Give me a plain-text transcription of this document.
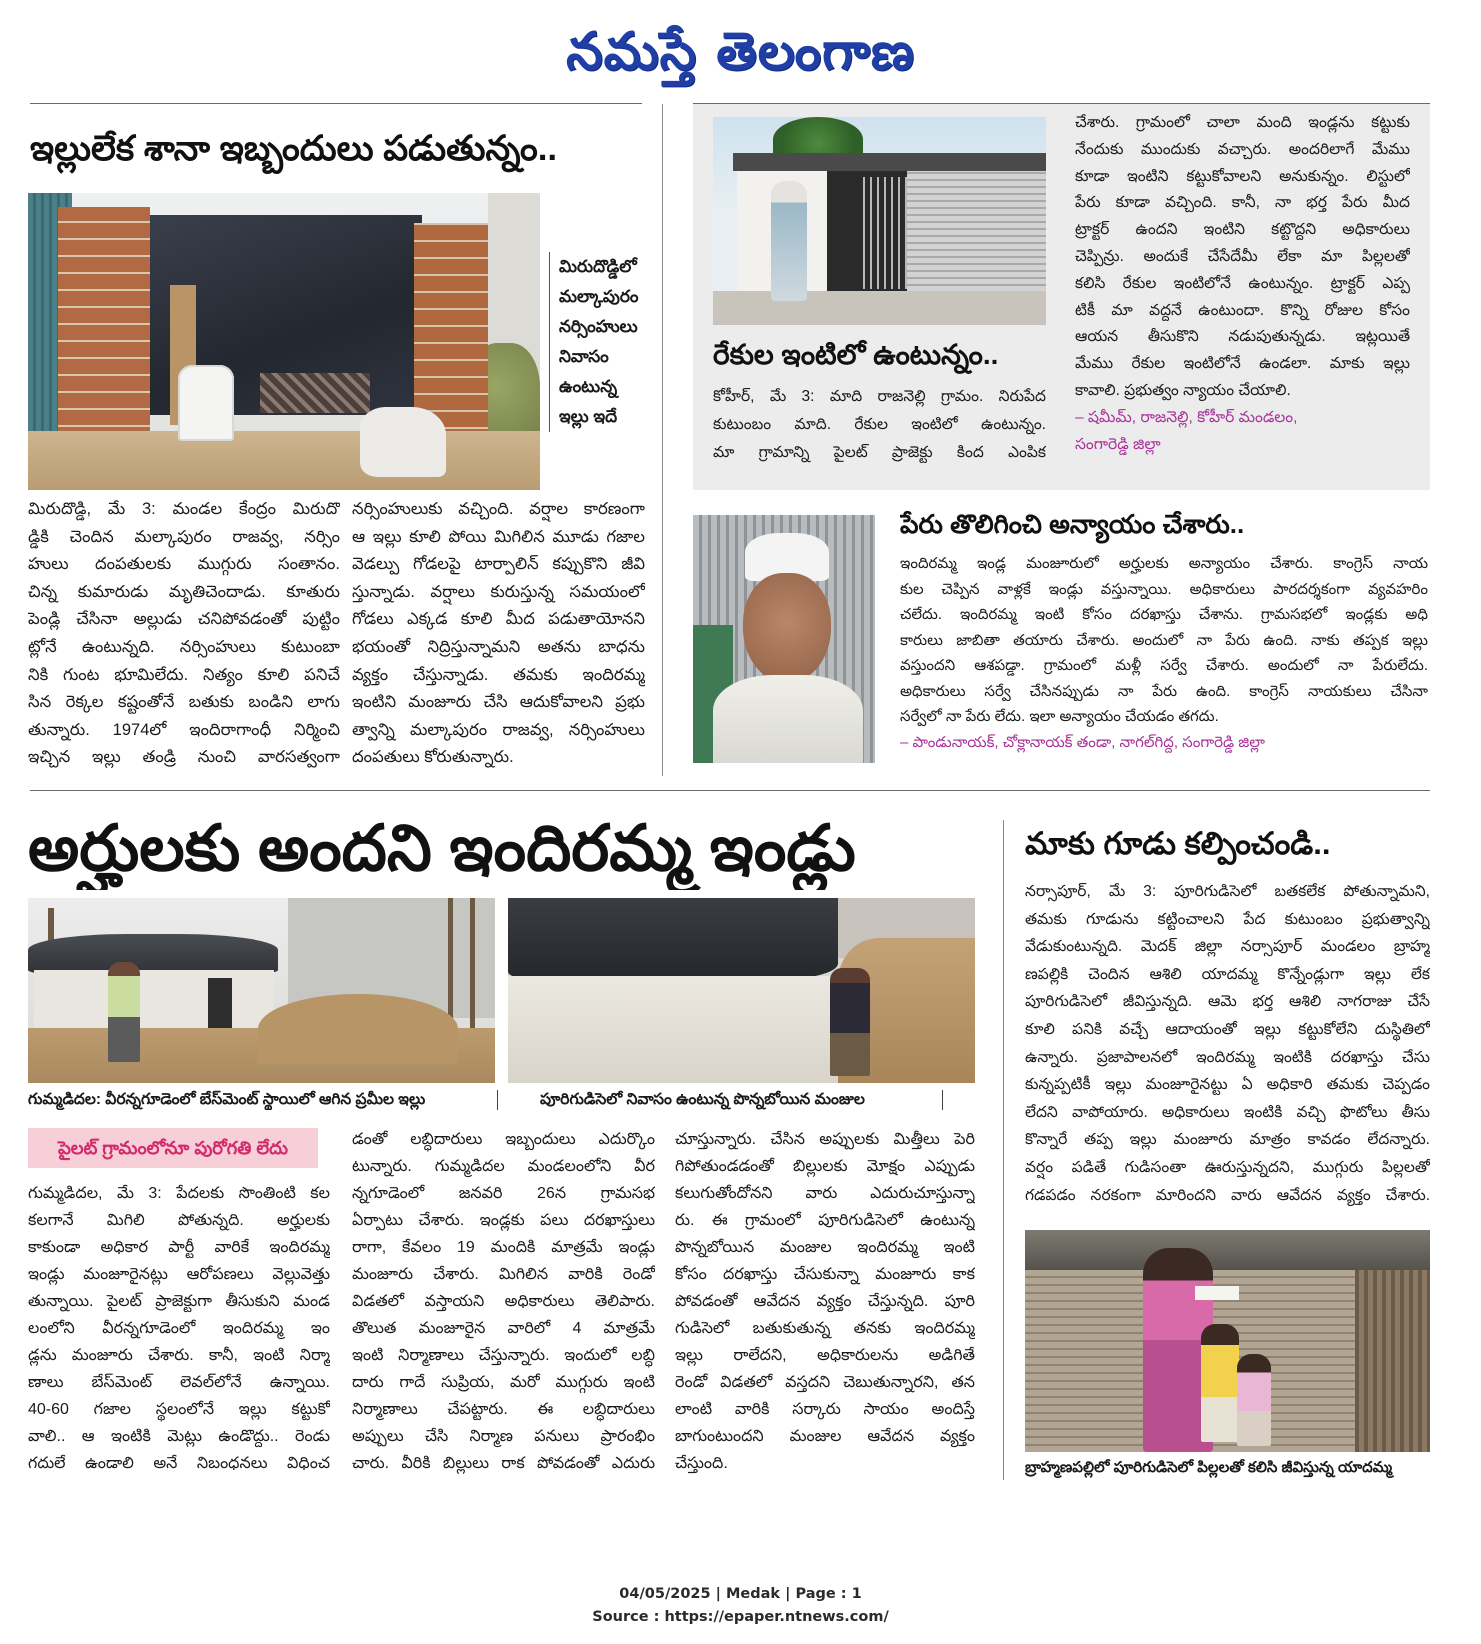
నమస్తే తెలంగాణ
ఇల్లులేక శానా ఇబ్బందులు పడుతున్నం..
మిరుదొడ్డిలో
మల్కాపురం
నర్సింహులు
నివాసం
ఉంటున్న
ఇల్లు ఇదే
మిరుదొడ్డి, మే 3: మండల కేంద్రం మిరుదొ
డ్డికి చెందిన మల్కాపురం రాజవ్వ, నర్సిం
హులు దంపతులకు ముగ్గురు సంతానం.
చిన్న కుమారుడు మృతిచెందాడు. కూతురు
పెండ్లి చేసినా అల్లుడు చనిపోవడంతో పుట్టిం
ట్లోనే ఉంటున్నది. నర్సింహులు కుటుంబా
నికి గుంట భూమిలేదు. నిత్యం కూలి పనిచే
సిన రెక్కల కష్టంతోనే బతుకు బండిని లాగు
తున్నారు. 1974లో ఇందిరాగాంధీ నిర్మించి
ఇచ్చిన ఇల్లు తండ్రి నుంచి వారసత్వంగా
నర్సింహులుకు వచ్చింది. వర్షాల కారణంగా
ఆ ఇల్లు కూలి పోయి మిగిలిన మూడు గజాల
వెడల్పు గోడలపై టార్పాలిన్ కప్పుకొని జీవి
స్తున్నాడు. వర్షాలు కురుస్తున్న సమయంలో
గోడలు ఎక్కడ కూలి మీద పడుతాయోనని
భయంతో నిద్రిస్తున్నామని అతను బాధను
వ్యక్తం చేస్తున్నాడు. తమకు ఇందిరమ్మ
ఇంటిని మంజూరు చేసి ఆదుకోవాలని ప్రభు
త్వాన్ని మల్కాపురం రాజవ్వ, నర్సింహులు
దంపతులు కోరుతున్నారు.
రేకుల ఇంటిలో ఉంటున్నం..
కోహీర్, మే 3: మాది రాజనెల్లి గ్రామం. నిరుపేద
కుటుంబం మాది. రేకుల ఇంటిలో ఉంటున్నం.
మా గ్రామాన్ని పైలట్ ప్రాజెక్టు కింద ఎంపిక
చేశారు. గ్రామంలో చాలా మంది ఇండ్లను కట్టుకు
నేందుకు ముందుకు వచ్చారు. అందరిలాగే మేము
కూడా ఇంటిని కట్టుకోవాలని అనుకున్నం. లిస్టులో
పేరు కూడా వచ్చింది. కానీ, నా భర్త పేరు మీద
ట్రాక్టర్ ఉందని ఇంటిని కట్టొద్దని అధికారులు
చెప్పిన్రు. అందుకే చేసేదేమీ లేకా మా పిల్లలతో
కలిసి రేకుల ఇంటిలోనే ఉంటున్నం. ట్రాక్టర్ ఎప్ప
టికీ మా వద్దనే ఉంటుందా. కొన్ని రోజుల కోసం
ఆయన తీసుకొని నడుపుతున్నడు. ఇట్లయితే
మేము రేకుల ఇంటిలోనే ఉండలా. మాకు ఇల్లు
కావాలి. ప్రభుత్వం న్యాయం చేయాలి.
– షమీమ్, రాజనెల్లి, కోహీర్ మండలం,
సంగారెడ్డి జిల్లా
పేరు తొలిగించి అన్యాయం చేశారు..
ఇందిరమ్మ ఇండ్ల మంజూరులో అర్హులకు అన్యాయం చేశారు. కాంగ్రెస్ నాయ
కుల చెప్పిన వాళ్లకే ఇండ్లు వస్తున్నాయి. అధికారులు పారదర్శకంగా వ్యవహరిం
చలేదు. ఇందిరమ్మ ఇంటి కోసం దరఖాస్తు చేశాను. గ్రామసభలో ఇండ్లకు అధి
కారులు జాబితా తయారు చేశారు. అందులో నా పేరు ఉంది. నాకు తప్పక ఇల్లు
వస్తుందని ఆశపడ్డా. గ్రామంలో మళ్లీ సర్వే చేశారు. అందులో నా పేరులేదు.
అధికారులు సర్వే చేసినప్పుడు నా పేరు ఉంది. కాంగ్రెస్ నాయకులు చేసినా
సర్వేలో నా పేరు లేదు. ఇలా అన్యాయం చేయడం తగదు.
– పాండునాయక్, చోక్లానాయక్ తండా, నాగల్‌గిద్ద, సంగారెడ్డి జిల్లా
అర్హులకు అందని ఇందిరమ్మ ఇండ్లు
గుమ్మడిదల: వీరన్నగూడెంలో బేస్‌మెంట్ స్థాయిలో ఆగిన ప్రమీల ఇల్లు	పూరిగుడిసెలో నివాసం ఉంటున్న పొన్నబోయిన మంజుల
పైలట్ గ్రామంలోనూ పురోగతి లేదు
గుమ్మడిదల, మే 3: పేదలకు సొంతింటి కల
కలగానే మిగిలి పోతున్నది. అర్హులకు
కాకుండా అధికార పార్టీ వారికే ఇందిరమ్మ
ఇండ్లు మంజూరైనట్లు ఆరోపణలు వెల్లువెత్తు
తున్నాయి. పైలట్ ప్రాజెక్టుగా తీసుకుని మండ
లంలోని వీరన్నగూడెంలో ఇందిరమ్మ ఇం
డ్లను మంజూరు చేశారు. కానీ, ఇంటి నిర్మా
ణాలు బేస్‌మెంట్ లెవల్‌లోనే ఉన్నాయి.
40-60 గజాల స్థలంలోనే ఇల్లు కట్టుకో
వాలి.. ఆ ఇంటికి మెట్లు ఉండొద్దు.. రెండు
గదులే ఉండాలి అనే నిబంధనలు విధించ
డంతో లబ్ధిదారులు ఇబ్బందులు ఎదుర్కొం
టున్నారు. గుమ్మడిదల మండలంలోని వీర
న్నగూడెంలో జనవరి 26న గ్రామసభ
ఏర్పాటు చేశారు. ఇండ్లకు పలు దరఖాస్తులు
రాగా, కేవలం 19 మందికి మాత్రమే ఇండ్లు
మంజూరు చేశారు. మిగిలిన వారికి రెండో
విడతలో వస్తాయని అధికారులు తెలిపారు.
తొలుత మంజూరైన వారిలో 4 మాత్రమే
ఇంటి నిర్మాణాలు చేస్తున్నారు. ఇందులో లబ్ధి
దారు గాదే సుప్రియ, మరో ముగ్గురు ఇంటి
నిర్మాణాలు చేపట్టారు. ఈ లబ్ధిదారులు
అప్పులు చేసి నిర్మాణ పనులు ప్రారంభిం
చారు. వీరికి బిల్లులు రాక పోవడంతో ఎదురు
చూస్తున్నారు. చేసిన అప్పులకు మిత్తీలు పెరి
గిపోతుండడంతో బిల్లులకు మోక్షం ఎప్పుడు
కలుగుతోందోనని వారు ఎదురుచూస్తున్నా
రు. ఈ గ్రామంలో పూరిగుడిసెలో ఉంటున్న
పొన్నబోయిన మంజుల ఇందిరమ్మ ఇంటి
కోసం దరఖాస్తు చేసుకున్నా మంజూరు కాక
పోవడంతో ఆవేదన వ్యక్తం చేస్తున్నది. పూరి
గుడిసెలో బతుకుతున్న తనకు ఇందిరమ్మ
ఇల్లు రాలేదని, అధికారులను అడిగితే
రెండో విడతలో వస్తదని చెబుతున్నారని, తన
లాంటి వారికి సర్కారు సాయం అందిస్తే
బాగుంటుందని మంజుల ఆవేదన వ్యక్తం
చేస్తుంది.
మాకు గూడు కల్పించండి..
నర్సాపూర్, మే 3: పూరిగుడిసెలో బతకలేక పోతున్నామని,
తమకు గూడును కట్టించాలని పేద కుటుంబం ప్రభుత్వాన్ని
వేడుకుంటున్నది. మెదక్ జిల్లా నర్సాపూర్ మండలం బ్రాహ్మ
ణపల్లికి చెందిన ఆశిలి యాదమ్మ కొన్నేండ్లుగా ఇల్లు లేక
పూరిగుడిసెలో జీవిస్తున్నది. ఆమె భర్త ఆశిలి నాగరాజు చేసే
కూలి పనికి వచ్చే ఆదాయంతో ఇల్లు కట్టుకోలేని దుస్థితిలో
ఉన్నారు. ప్రజాపాలనలో ఇందిరమ్మ ఇంటికి దరఖాస్తు చేసు
కున్నప్పటికీ ఇల్లు మంజూరైనట్టు ఏ అధికారి తమకు చెప్పడం
లేదని వాపోయారు. అధికారులు ఇంటికి వచ్చి ఫొటోలు తీసు
కొన్నారే తప్ప ఇల్లు మంజూరు మాత్రం కావడం లేదన్నారు.
వర్షం పడితే గుడిసంతా ఊరుస్తున్నదని, ముగ్గురు పిల్లలతో
గడపడం నరకంగా మారిందని వారు ఆవేదన వ్యక్తం చేశారు.
బ్రాహ్మణపల్లిలో పూరిగుడిసెలో పిల్లలతో కలిసి జీవిస్తున్న యాదమ్మ
04/05/2025 | Medak | Page : 1
Source : https://epaper.ntnews.com/
